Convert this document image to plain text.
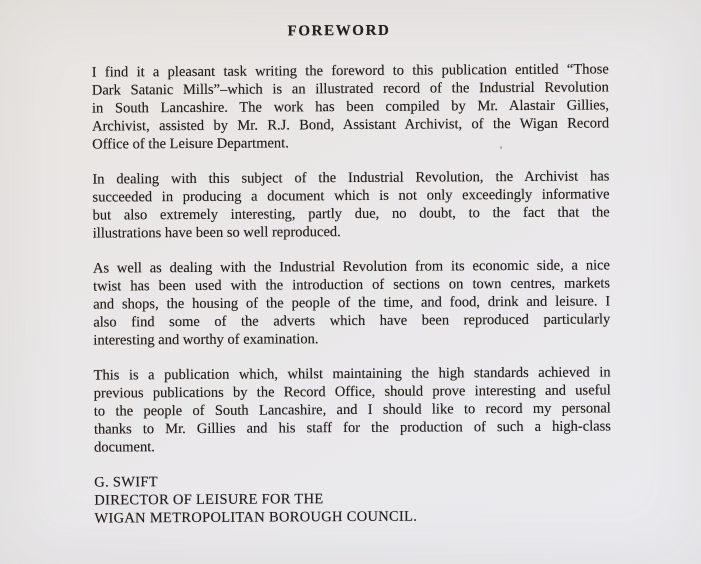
FOREWORD
I find it a pleasant task writing the foreword to this publication entitled “Those
Dark Satanic Mills”–which is an illustrated record of the Industrial Revolution
in South Lancashire. The work has been compiled by Mr. Alastair Gillies,
Archivist, assisted by Mr. R.J. Bond, Assistant Archivist, of the Wigan Record
Office of the Leisure Department.
In dealing with this subject of the Industrial Revolution, the Archivist has
succeeded in producing a document which is not only exceedingly informative
but also extremely interesting, partly due, no doubt, to the fact that the
illustrations have been so well reproduced.
As well as dealing with the Industrial Revolution from its economic side, a nice
twist has been used with the introduction of sections on town centres, markets
and shops, the housing of the people of the time, and food, drink and leisure. I
also find some of the adverts which have been reproduced particularly
interesting and worthy of examination.
This is a publication which, whilst maintaining the high standards achieved in
previous publications by the Record Office, should prove interesting and useful
to the people of South Lancashire, and I should like to record my personal
thanks to Mr. Gillies and his staff for the production of such a high-class
document.
G. SWIFT
DIRECTOR OF LEISURE FOR THE
WIGAN METROPOLITAN BOROUGH COUNCIL.
